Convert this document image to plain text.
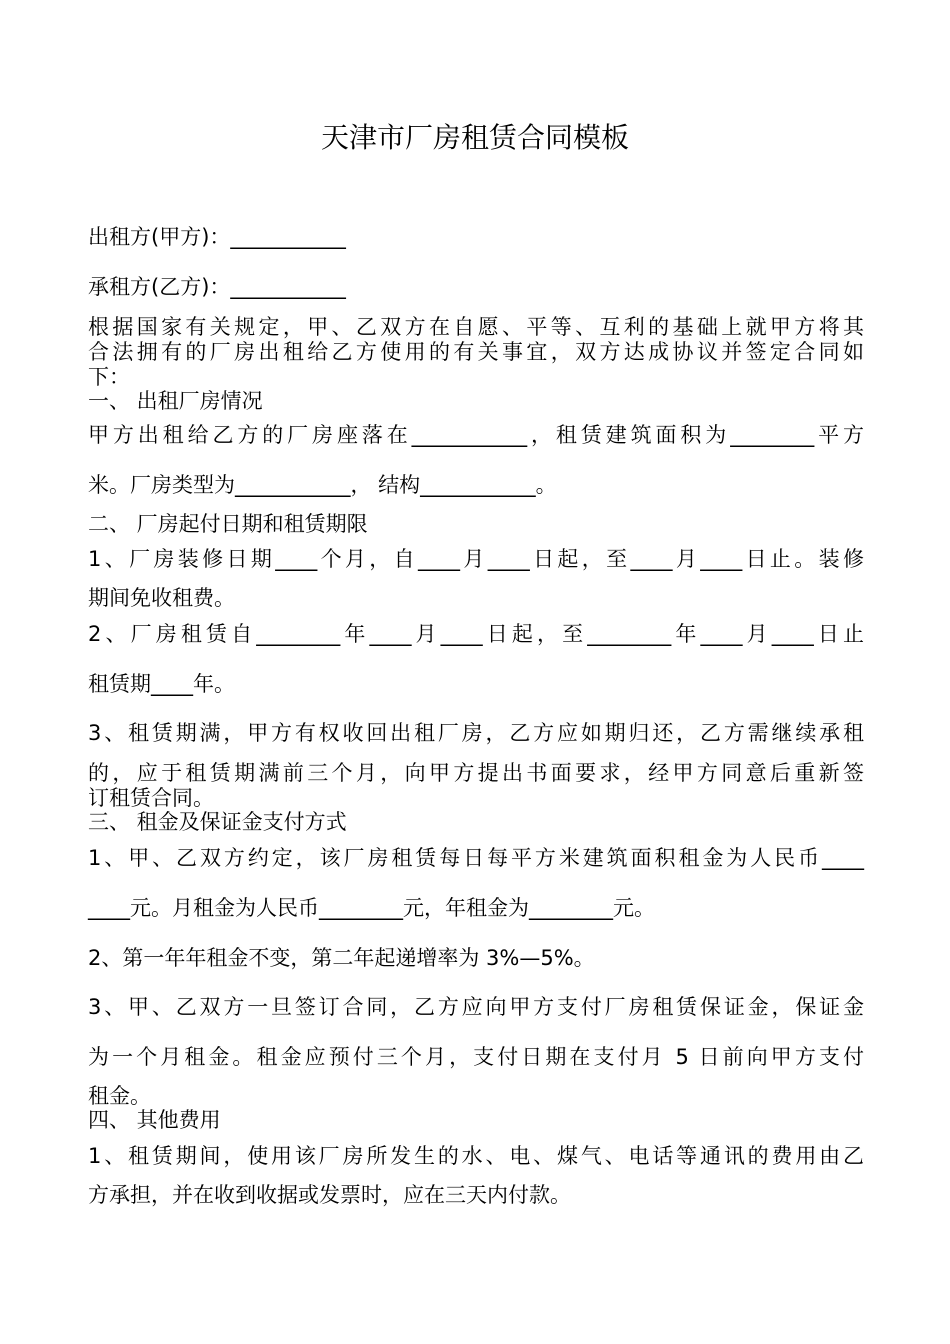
天津市厂房租赁合同模板
出租方(甲方)：___________
承租方(乙方)：___________
根据国家有关规定，甲、乙双方在自愿、平等、互利的基础上就甲方将其
合法拥有的厂房出租给乙方使用的有关事宜，双方达成协议并签定合同如
下：
一、 出租厂房情况
甲方出租给乙方的厂房座落在___________，租赁建筑面积为________平方
米。厂房类型为___________， 结构___________。
二、 厂房起付日期和租赁期限
1、厂房装修日期____个月，自____月____日起，至____月____日止。装修
期间免收租费。
2、厂房租赁自________年____月____日起，至________年____月____日止
租赁期____年。
3、租赁期满，甲方有权收回出租厂房，乙方应如期归还，乙方需继续承租
的，应于租赁期满前三个月，向甲方提出书面要求，经甲方同意后重新签
订租赁合同。
三、 租金及保证金支付方式
1、甲、乙双方约定，该厂房租赁每日每平方米建筑面积租金为人民币____
____元。月租金为人民币________元，年租金为________元。
2、第一年年租金不变，第二年起递增率为 3%—5%。
3、甲、乙双方一旦签订合同，乙方应向甲方支付厂房租赁保证金，保证金
为一个月租金。租金应预付三个月，支付日期在支付月 5 日前向甲方支付
租金。
四、 其他费用
1、租赁期间，使用该厂房所发生的水、电、煤气、电话等通讯的费用由乙
方承担，并在收到收据或发票时，应在三天内付款。
